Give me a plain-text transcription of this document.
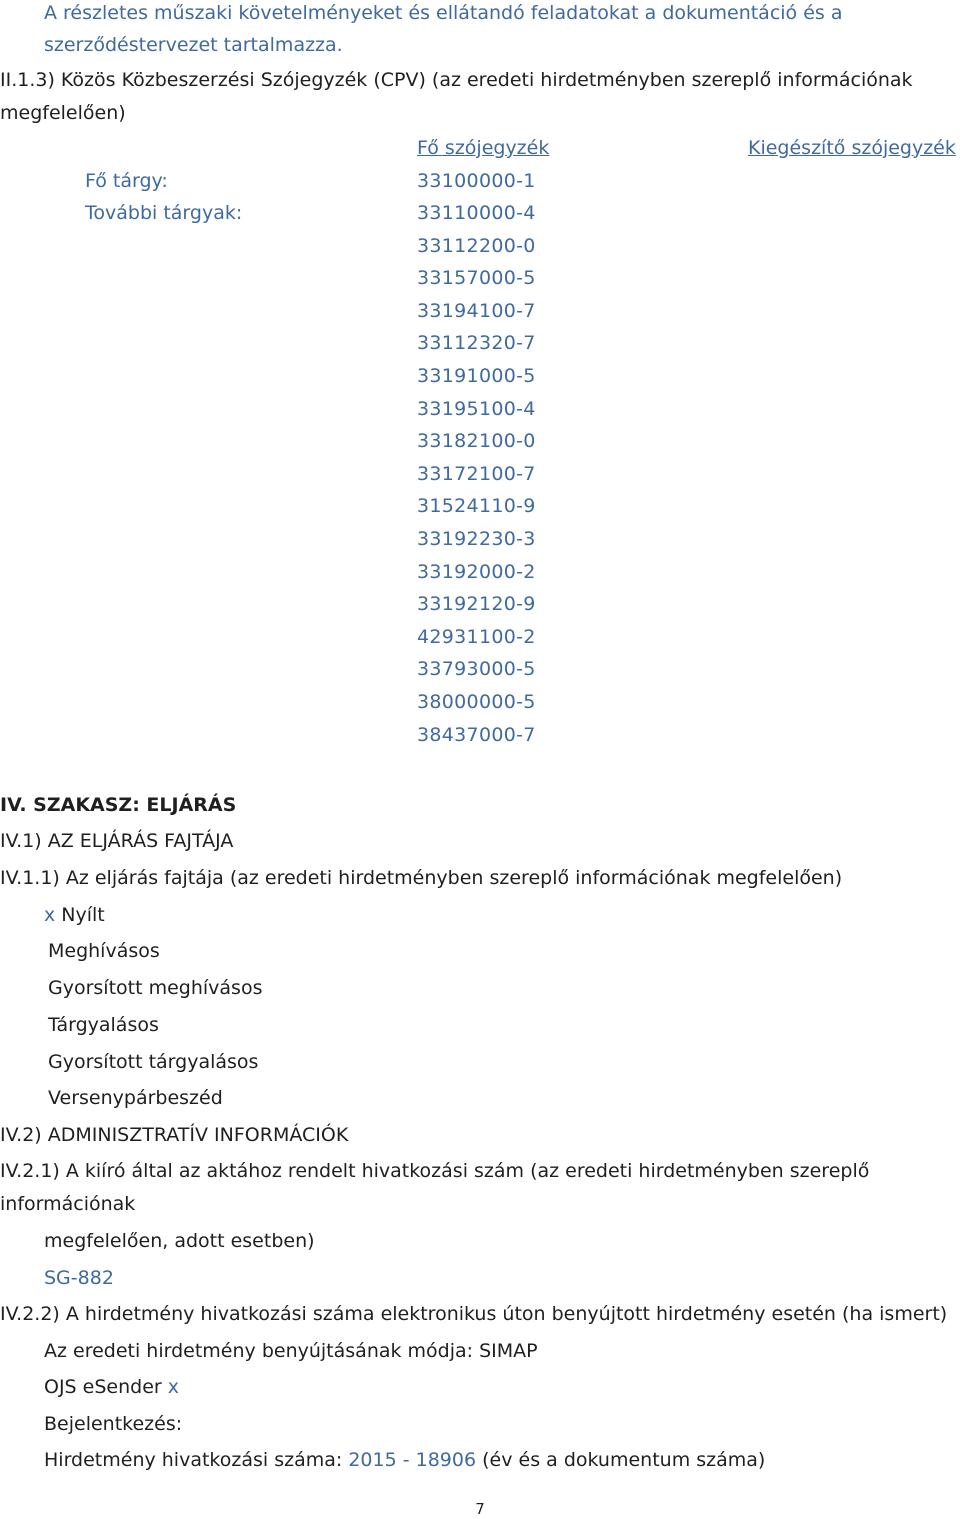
A részletes műszaki követelményeket és ellátandó feladatokat a dokumentáció és a
szerződéstervezet tartalmazza.
II.1.3) Közös Közbeszerzési Szójegyzék (CPV) (az eredeti hirdetményben szereplő információnak
megfelelően)
Fő szójegyzék	Kiegészítő szójegyzék
Fő tárgy:	33100000-1
További tárgyak:	33110000-4
33112200-0
33157000-5
33194100-7
33112320-7
33191000-5
33195100-4
33182100-0
33172100-7
31524110-9
33192230-3
33192000-2
33192120-9
42931100-2
33793000-5
38000000-5
38437000-7
IV. SZAKASZ: ELJÁRÁS
IV.1) AZ ELJÁRÁS FAJTÁJA
IV.1.1) Az eljárás fajtája (az eredeti hirdetményben szereplő információnak megfelelően)
x Nyílt
Meghívásos
Gyorsított meghívásos
Tárgyalásos
Gyorsított tárgyalásos
Versenypárbeszéd
IV.2) ADMINISZTRATÍV INFORMÁCIÓK
IV.2.1) A kiíró által az aktához rendelt hivatkozási szám (az eredeti hirdetményben szereplő
információnak
megfelelően, adott esetben)
SG-882
IV.2.2) A hirdetmény hivatkozási száma elektronikus úton benyújtott hirdetmény esetén (ha ismert)
Az eredeti hirdetmény benyújtásának módja: SIMAP
OJS eSender x
Bejelentkezés:
Hirdetmény hivatkozási száma: 2015 - 18906 (év és a dokumentum száma)
7
